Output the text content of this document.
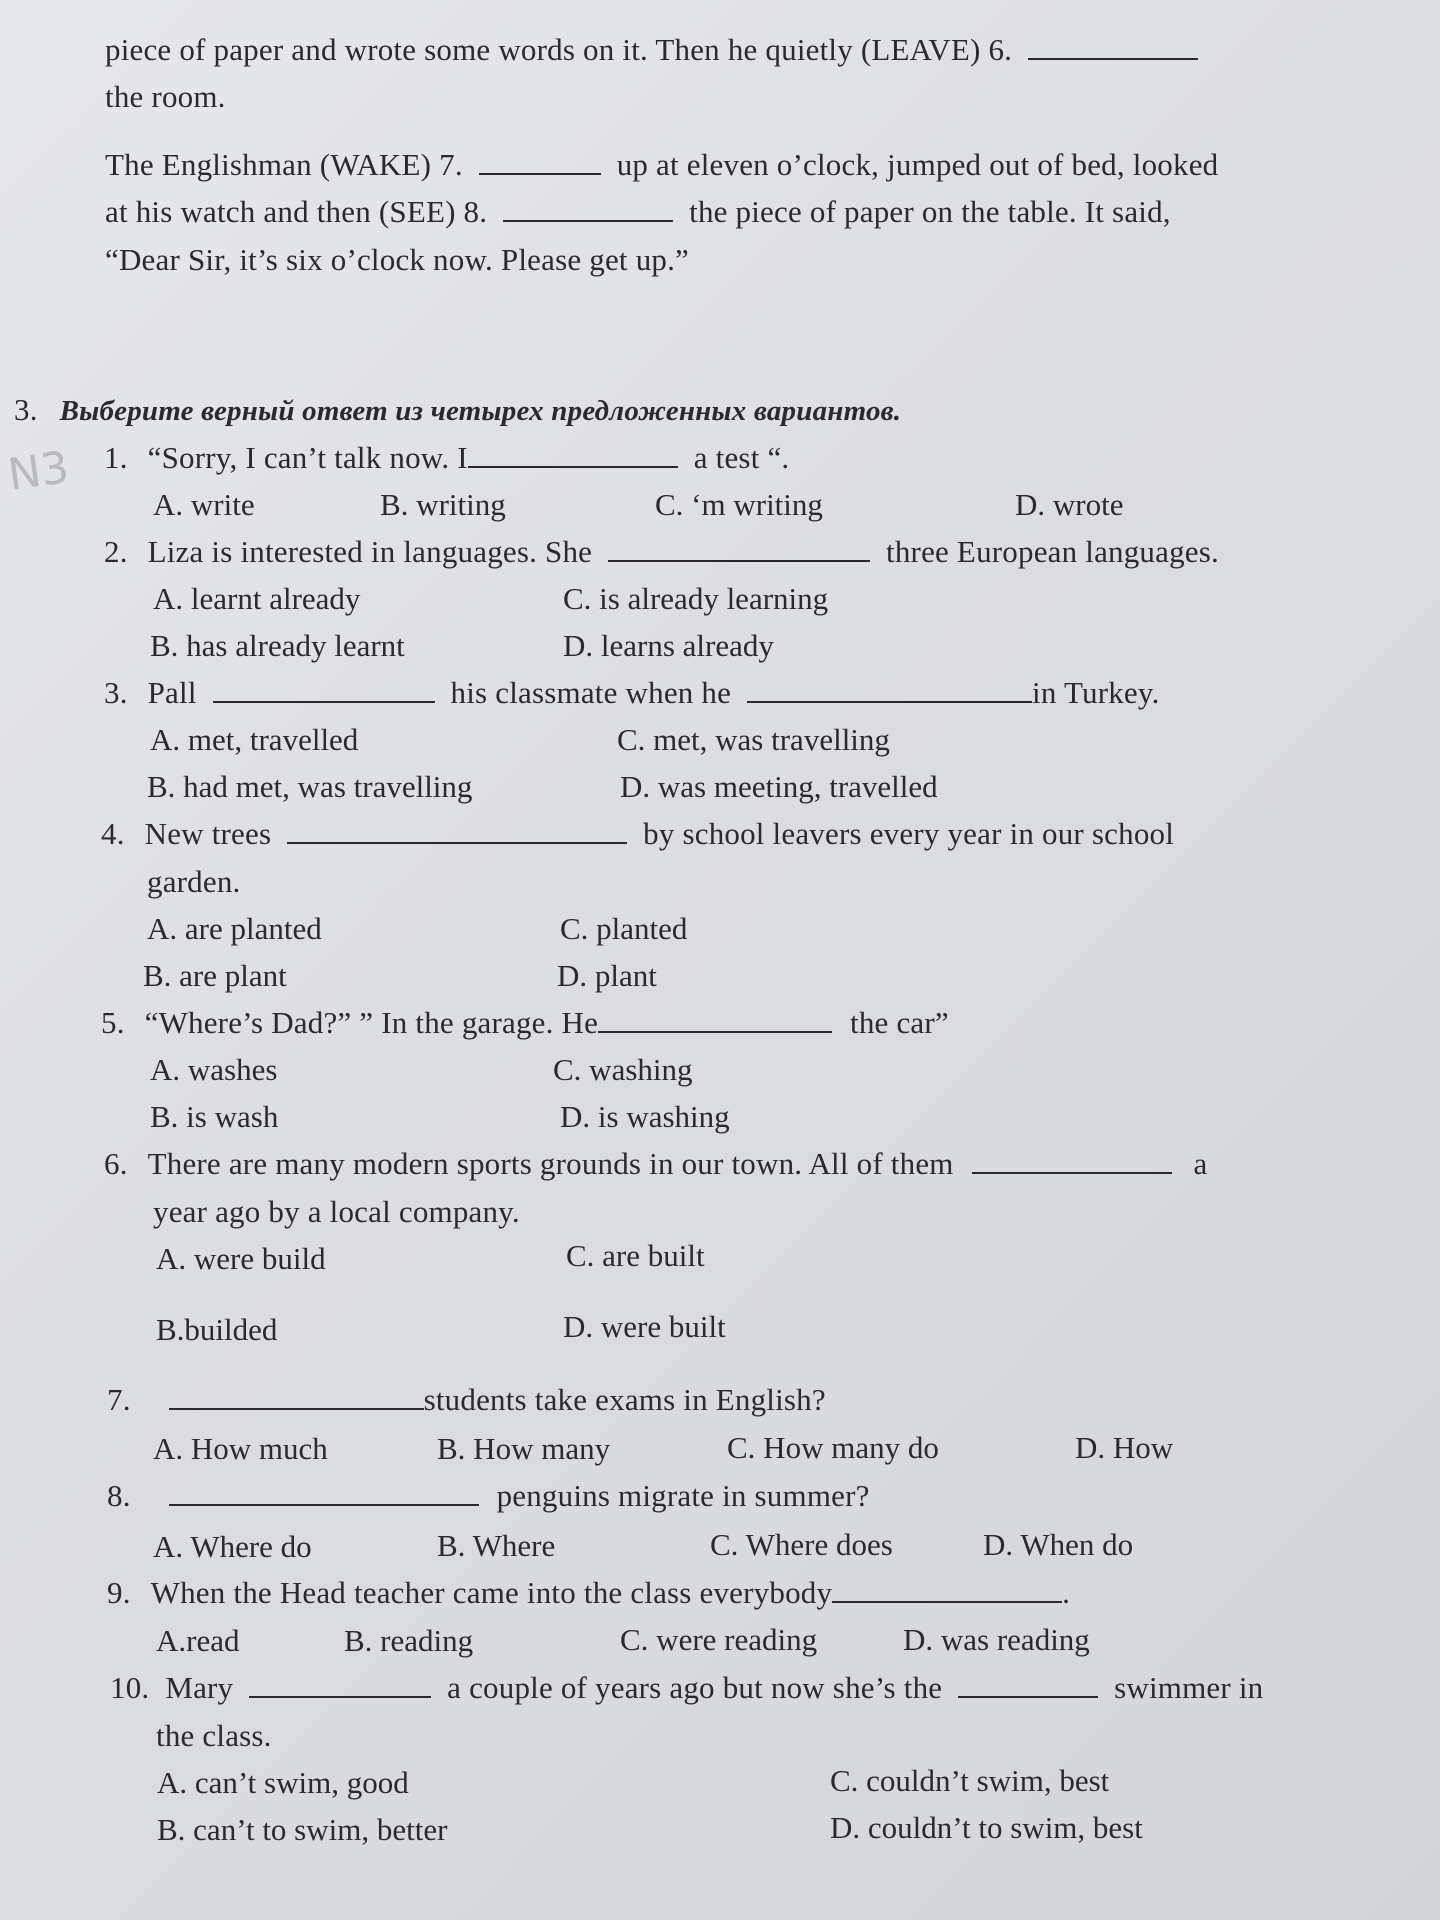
piece of paper and wrote some words on it. Then he quietly (LEAVE) 6.
the room.
The Englishman (WAKE) 7.	up at eleven o’clock, jumped out of bed, looked
at his watch and then (SEE) 8.	the piece of paper on the table. It said,
“Dear Sir, it’s six o’clock now. Please get up.”
3. Выберите верный ответ из четырех предложенных вариантов.
N3 1. “Sorry, I can’t talk now. I	a test “.
A. write	B. writing	C. ‘m writing	D. wrote
2. Liza is interested in languages. She	three European languages.
A. learnt already	C. is already learning
B. has already learnt	D. learns already
3. Pall	his classmate when he	in Turkey.
A. met, travelled	C. met, was travelling
B. had met, was travelling	D. was meeting, travelled
4. New trees	by school leavers every year in our school
garden.
A. are planted	C. planted
B. are plant	D. plant
5. “Where’s Dad?” ” In the garage. He	the car”
A. washes	C. washing
B. is wash	D. is washing
6. There are many modern sports grounds in our town. All of them	a
year ago by a local company.
A. were build	C. are built
B.builded	D. were built
7.	students take exams in English?
A. How much	B. How many	C. How many do	D. How
8.	penguins migrate in summer?
A. Where do	B. Where	C. Where does	D. When do
9. When the Head teacher came into the class everybody	.
A.read	B. reading	C. were reading	D. was reading
10. Mary	a couple of years ago but now she’s the	swimmer in
the class.
A. can’t swim, good	C. couldn’t swim, best
B. can’t to swim, better	D. couldn’t to swim, best
